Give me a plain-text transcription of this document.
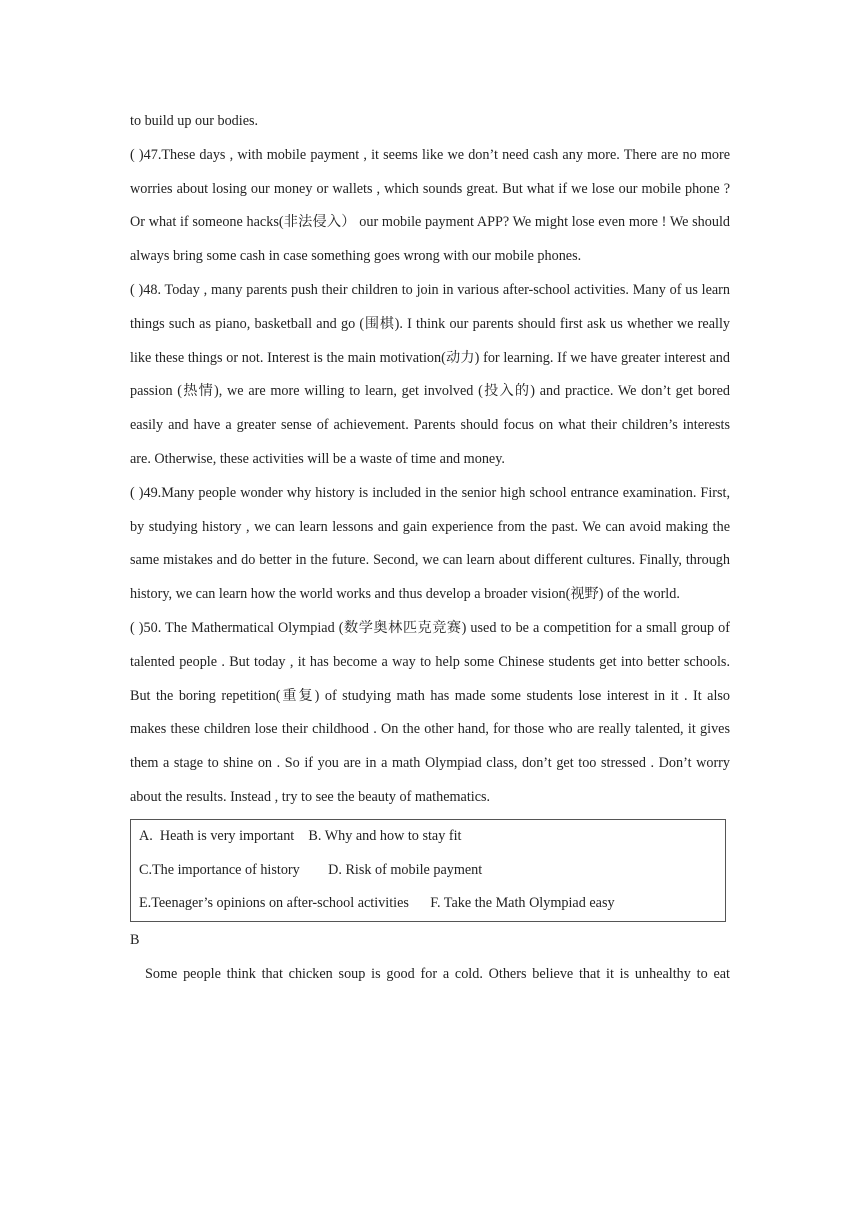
to build up our bodies.

( )47.These days , with mobile payment , it seems like we don’t need cash any more. There are no more worries about losing our money or wallets , which sounds great. But what if we lose our mobile phone ? Or what if someone hacks(非法侵入） our mobile payment APP? We might lose even more ! We should always bring some cash in case something goes wrong with our mobile phones.

( )48. Today , many parents push their children to join in various after-school activities. Many of us learn things such as piano, basketball and go (围棋). I think our parents should first ask us whether we really like these things or not. Interest is the main motivation(动力) for learning. If we have greater interest and passion (热情), we are more willing to learn, get involved (投入的) and practice. We don’t get bored easily and have a greater sense of achievement. Parents should focus on what their children’s interests are. Otherwise, these activities will be a waste of time and money.

( )49.Many people wonder why history is included in the senior high school entrance examination. First, by studying history , we can learn lessons and gain experience from the past. We can avoid making the same mistakes and do better in the future. Second, we can learn about different cultures. Finally, through history, we can learn how the world works and thus develop a broader vision(视野) of the world.

( )50. The Mathermatical Olympiad (数学奥林匹克竞赛) used to be a competition for a small group of talented people . But today , it has become a way to help some Chinese students get into better schools. But the boring repetition(重复) of studying math has made some students lose interest in it . It also makes these children lose their childhood . On the other hand, for those who are really talented, it gives them a stage to shine on . So if you are in a math Olympiad class, don’t get too stressed . Don’t worry about the results. Instead , try to see the beauty of mathematics.

A.  Heath is very important    B. Why and how to stay fit
C.The importance of history        D. Risk of mobile payment
E.Teenager’s opinions on after-school activities      F. Take the Math Olympiad easy

B

Some people think that chicken soup is good for a cold. Others believe that it is unhealthy to eat
